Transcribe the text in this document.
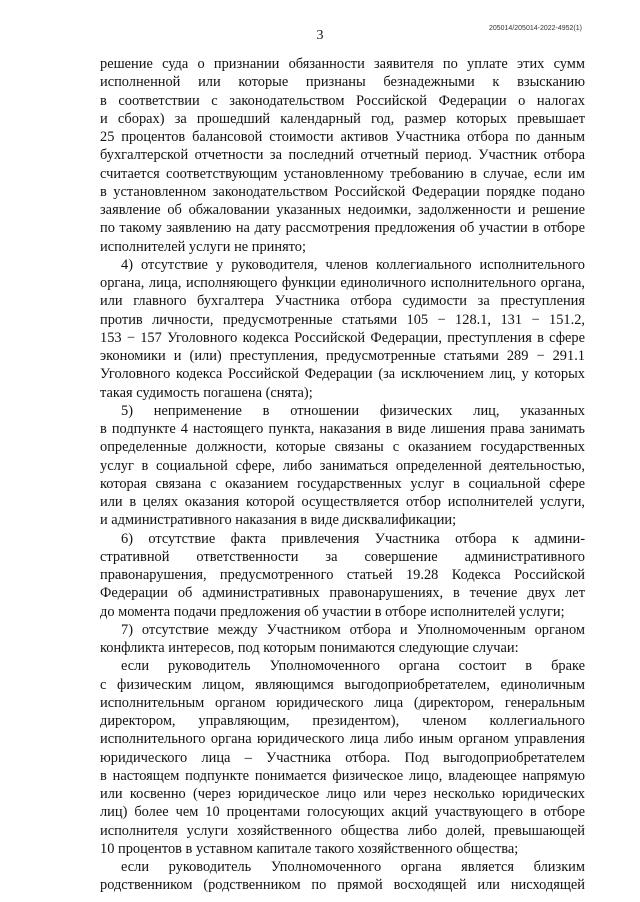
205014/205014-2022-4952(1)
3
решение суда о признании обязанности заявителя по уплате этих сумм
исполненной или которые признаны безнадежными к взысканию
в соответствии с законодательством Российской Федерации о налогах
и сборах) за прошедший календарный год, размер которых превышает
25 процентов балансовой стоимости активов Участника отбора по данным
бухгалтерской отчетности за последний отчетный период. Участник отбора
считается соответствующим установленному требованию в случае, если им
в установленном законодательством Российской Федерации порядке подано
заявление об обжаловании указанных недоимки, задолженности и решение
по такому заявлению на дату рассмотрения предложения об участии в отборе
исполнителей услуги не принято;
4) отсутствие у руководителя, членов коллегиального исполнительного
органа, лица, исполняющего функции единоличного исполнительного органа,
или главного бухгалтера Участника отбора судимости за преступления
против личности, предусмотренные статьями 105 − 128.1, 131 − 151.2,
153 − 157 Уголовного кодекса Российской Федерации, преступления в сфере
экономики и (или) преступления, предусмотренные статьями 289 − 291.1
Уголовного кодекса Российской Федерации (за исключением лиц, у которых
такая судимость погашена (снята);
5) неприменение в отношении физических лиц, указанных
в подпункте 4 настоящего пункта, наказания в виде лишения права занимать
определенные должности, которые связаны с оказанием государственных
услуг в социальной сфере, либо заниматься определенной деятельностью,
которая связана с оказанием государственных услуг в социальной сфере
или в целях оказания которой осуществляется отбор исполнителей услуги,
и административного наказания в виде дисквалификации;
6) отсутствие факта привлечения Участника отбора к админи-
стративной ответственности за совершение административного
правонарушения, предусмотренного статьей 19.28 Кодекса Российской
Федерации об административных правонарушениях, в течение двух лет
до момента подачи предложения об участии в отборе исполнителей услуги;
7) отсутствие между Участником отбора и Уполномоченным органом
конфликта интересов, под которым понимаются следующие случаи:
если руководитель Уполномоченного органа состоит в браке
с физическим лицом, являющимся выгодоприобретателем, единоличным
исполнительным органом юридического лица (директором, генеральным
директором, управляющим, президентом), членом коллегиального
исполнительного органа юридического лица либо иным органом управления
юридического лица – Участника отбора. Под выгодоприобретателем
в настоящем подпункте понимается физическое лицо, владеющее напрямую
или косвенно (через юридическое лицо или через несколько юридических
лиц) более чем 10 процентами голосующих акций участвующего в отборе
исполнителя услуги хозяйственного общества либо долей, превышающей
10 процентов в уставном капитале такого хозяйственного общества;
если руководитель Уполномоченного органа является близким
родственником (родственником по прямой восходящей или нисходящей
